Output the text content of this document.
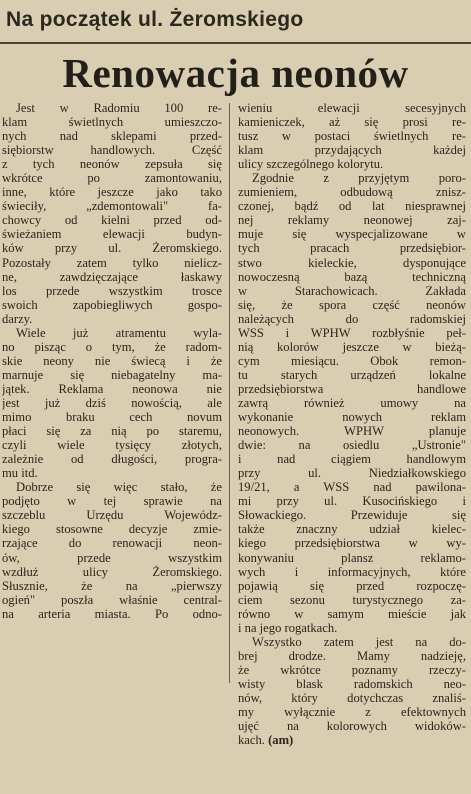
Na początek ul. Żeromskiego
Renowacja neonów
Jest w Radomiu 100 re-
klam świetlnych umieszczo-
nych nad sklepami przed-
siębiorstw handlowych. Część
z tych neonów zepsuła się
wkrótce po zamontowaniu,
inne, które jeszcze jako tako
świeciły, „zdemontowali" fa-
chowcy od kielni przed od-
świeżaniem elewacji budyn-
ków przy ul. Żeromskiego.
Pozostały zatem tylko nielicz-
ne, zawdzięczające łaskawy
los przede wszystkim trosce
swoich zapobiegliwych gospo-
darzy.
Wiele już atramentu wyla-
no pisząc o tym, że radom-
skie neony nie świecą i że
marnuje się niebagatelny ma-
jątek. Reklama neonowa nie
jest już dziś nowością, ale
mimo braku cech novum
płaci się za nią po staremu,
czyli wiele tysięcy złotych,
zależnie od długości, progra-
mu itd.
Dobrze się więc stało, że
podjęto w tej sprawie na
szczeblu Urzędu Wojewódz-
kiego stosowne decyzje zmie-
rzające do renowacji neon-
ów, przede wszystkim
wzdłuż ulicy Żeromskiego.
Słusznie, że na „pierwszy
ogień" poszła właśnie central-
na arteria miasta. Po odno-
wieniu elewacji secesyjnych
kamieniczek, aż się prosi re-
tusz w postaci świetlnych re-
klam przydających każdej
ulicy szczególnego kolorytu.
Zgodnie z przyjętym poro-
zumieniem, odbudową znisz-
czonej, bądź od lat niesprawnej
nej reklamy neonowej zaj-
muje się wyspecjalizowane w
tych pracach przedsiębior-
stwo kieleckie, dysponujące
nowoczesną bazą techniczną
w Starachowicach. Zakłada
się, że spora część neonów
należących do radomskiej
WSS i WPHW rozbłyśnie peł-
nią kolorów jeszcze w bieżą-
cym miesiącu. Obok remon-
tu starych urządzeń lokalne
przedsiębiorstwa handlowe
zawrą również umowy na
wykonanie nowych reklam
neonowych. WPHW planuje
dwie: na osiedlu „Ustronie"
i nad ciągiem handlowym
przy ul. Niedziałkowskiego
19/21, a WSS nad pawilona-
mi przy ul. Kusocińskiego i
Słowackiego. Przewiduje się
także znaczny udział kielec-
kiego przedsiębiorstwa w wy-
konywaniu plansz reklamo-
wych i informacyjnych, które
pojawią się przed rozpoczę-
ciem sezonu turystycznego za-
równo w samym mieście jak
i na jego rogatkach.
Wszystko zatem jest na do-
brej drodze. Mamy nadzieję,
że wkrótce poznamy rzeczy-
wisty blask radomskich neo-
nów, który dotychczas znaliś-
my wyłącznie z efektownych
ujęć na kolorowych widoków-
kach. (am)
